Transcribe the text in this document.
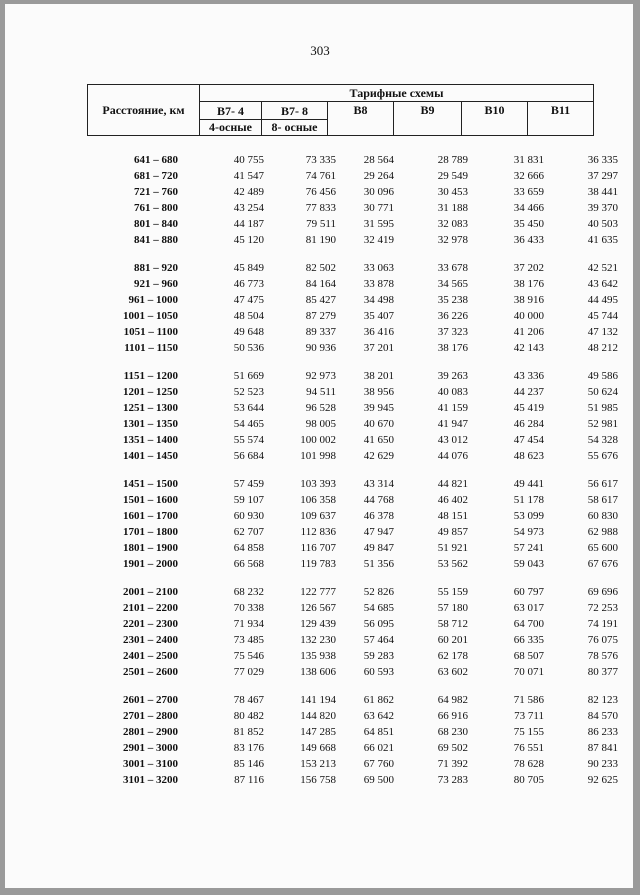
303
Расстояние, км	Тарифные схемы					
	В7- 4	В7- 8	В8	В9	В10	В11
	4-осные	8- осные				
641 – 680	40 755	73 335	28 564	28 789	31 831	36 335
681 – 720	41 547	74 761	29 264	29 549	32 666	37 297
721 – 760	42 489	76 456	30 096	30 453	33 659	38 441
761 – 800	43 254	77 833	30 771	31 188	34 466	39 370
801 – 840	44 187	79 511	31 595	32 083	35 450	40 503
841 – 880	45 120	81 190	32 419	32 978	36 433	41 635
881 – 920	45 849	82 502	33 063	33 678	37 202	42 521
921 – 960	46 773	84 164	33 878	34 565	38 176	43 642
961 – 1000	47 475	85 427	34 498	35 238	38 916	44 495
1001 – 1050	48 504	87 279	35 407	36 226	40 000	45 744
1051 – 1100	49 648	89 337	36 416	37 323	41 206	47 132
1101 – 1150	50 536	90 936	37 201	38 176	42 143	48 212
1151 – 1200	51 669	92 973	38 201	39 263	43 336	49 586
1201 – 1250	52 523	94 511	38 956	40 083	44 237	50 624
1251 – 1300	53 644	96 528	39 945	41 159	45 419	51 985
1301 – 1350	54 465	98 005	40 670	41 947	46 284	52 981
1351 – 1400	55 574	100 002	41 650	43 012	47 454	54 328
1401 – 1450	56 684	101 998	42 629	44 076	48 623	55 676
1451 – 1500	57 459	103 393	43 314	44 821	49 441	56 617
1501 – 1600	59 107	106 358	44 768	46 402	51 178	58 617
1601 – 1700	60 930	109 637	46 378	48 151	53 099	60 830
1701 – 1800	62 707	112 836	47 947	49 857	54 973	62 988
1801 – 1900	64 858	116 707	49 847	51 921	57 241	65 600
1901 – 2000	66 568	119 783	51 356	53 562	59 043	67 676
2001 – 2100	68 232	122 777	52 826	55 159	60 797	69 696
2101 – 2200	70 338	126 567	54 685	57 180	63 017	72 253
2201 – 2300	71 934	129 439	56 095	58 712	64 700	74 191
2301 – 2400	73 485	132 230	57 464	60 201	66 335	76 075
2401 – 2500	75 546	135 938	59 283	62 178	68 507	78 576
2501 – 2600	77 029	138 606	60 593	63 602	70 071	80 377
2601 – 2700	78 467	141 194	61 862	64 982	71 586	82 123
2701 – 2800	80 482	144 820	63 642	66 916	73 711	84 570
2801 – 2900	81 852	147 285	64 851	68 230	75 155	86 233
2901 – 3000	83 176	149 668	66 021	69 502	76 551	87 841
3001 – 3100	85 146	153 213	67 760	71 392	78 628	90 233
3101 – 3200	87 116	156 758	69 500	73 283	80 705	92 625
